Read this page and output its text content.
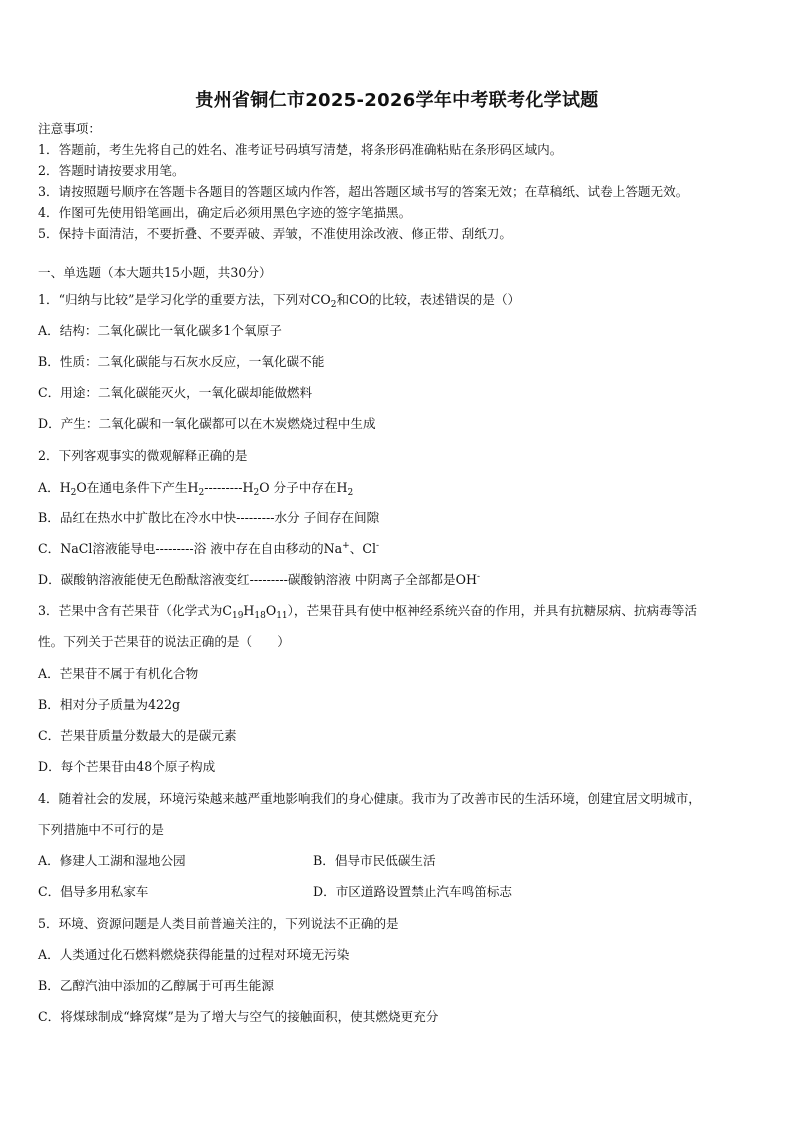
贵州省铜仁市2025-2026学年中考联考化学试题
注意事项：
1．答题前，考生先将自己的姓名、准考证号码填写清楚，将条形码准确粘贴在条形码区域内。
2．答题时请按要求用笔。
3．请按照题号顺序在答题卡各题目的答题区域内作答，超出答题区域书写的答案无效；在草稿纸、试卷上答题无效。
4．作图可先使用铅笔画出，确定后必须用黑色字迹的签字笔描黑。
5．保持卡面清洁，不要折叠、不要弄破、弄皱，不准使用涂改液、修正带、刮纸刀。
一、单选题（本大题共15小题，共30分）
1．“归纳与比较”是学习化学的重要方法，下列对$CO_2$和CO的比较，表述错误的是（）
A．结构：二氧化碳比一氧化碳多1个氧原子
B．性质：二氧化碳能与石灰水反应，一氧化碳不能
C．用途：二氧化碳能灭火，一氧化碳却能做燃料
D．产生：二氧化碳和一氧化碳都可以在木炭燃烧过程中生成
2．下列客观事实的微观解释正确的是
A．$H_2O$在通电条件下产生$H_2---------H_2O$ 分子中存在$H_2$
B．品红在热水中扩散比在冷水中快---------水分 子间存在间隙
C．NaCl溶液能导电---------浴 液中存在自由移动的Na+、Cl-
D．碳酸钠溶液能使无色酚酞溶液变红---------碳酸钠溶液 中阴离子全部都是OH-
3．芒果中含有芒果苷（化学式为$C_{19}H_{18}O_{11}$），芒果苷具有使中枢神经系统兴奋的作用，并具有抗糖尿病、抗病毒等活
性。下列关于芒果苷的说法正确的是（　　）
A．芒果苷不属于有机化合物
B．相对分子质量为422g
C．芒果苷质量分数最大的是碳元素
D．每个芒果苷由48个原子构成
4．随着社会的发展，环境污染越来越严重地影响我们的身心健康。我市为了改善市民的生活环境，创建宜居文明城市，
下列措施中不可行的是
A．修建人工湖和湿地公园	B．倡导市民低碳生活
C．倡导多用私家车	D．市区道路设置禁止汽车鸣笛标志
5．环境、资源问题是人类目前普遍关注的，下列说法不正确的是
A．人类通过化石燃料燃烧获得能量的过程对环境无污染
B．乙醇汽油中添加的乙醇属于可再生能源
C．将煤球制成“蜂窝煤”是为了增大与空气的接触面积，使其燃烧更充分
